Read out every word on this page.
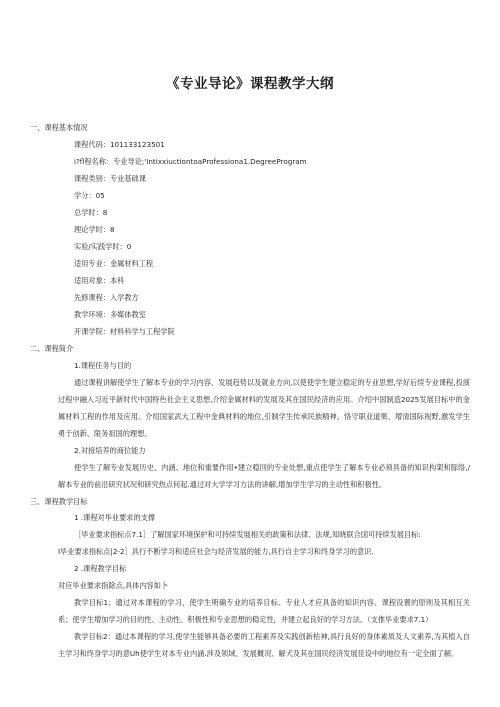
《专业导论》课程教学大纲

一、课程基本情况

课程代码：101133123501

i?fl程名称：专业导论;'IntixxiuctiontoaProfessiona1.DegreeProgram

课程类别：专业基础课

学分：05

总学时：8

理论学时：8

实验/实践学时：0

适用专业：金属材料工程

适用对象：本科

先修课程：入学教方

教学环境：多媒体教室

开课学院：材料科学与工程学院

二、课程简介

1.课程任务与目的

通过课程讲解使学生了解本专业的学习内容、发展趋势以及就业方向,以使使学生建立稳定的专业思想,学好后续专业课程,投演过程中融入习近平新时代中国特色社会主义思想,介绍金属材料的发展及其在国民经济的应用。介绍中国制造2025发展目标中的金属材料工程的作用及应用。介绍国家武大工程中金典材料的地位,引制学生传承民族精神、恪守职业道果、增清国际视野,激发学生勇于创新、限务祖国的理想。

2.对接培养的商位能力

使学生了解专业发展历史、内涵、地位和重要作用•建立稳回的专业处想,重点使学生了解本专业必须具备的知识构架和豚络,/解本专业的前沿研究状况和研究热点何起.通过对大学学习方法的讲解,增加学生学习的主动性和积极性。

三、课程教学目标

1 .课程对毕业要求的支撑

［毕业要求指标点7.1］了解国家环境保护和可持续发展相关的政策和法律、法规,知晓联合国可持续发展目标:

I毕业要求指标点|2-2］具行不断学习和适应社会与经济发展的能力,具行自主学习和终身学习的意识.

2 .课程教学目标

对应毕业要求指除点,具体内容如卜

教学目标1；通过对本课程的学习，使学生明确专业的培养目标、专业人才应具备的知识内容、课程设置的原则及其相互关系；使学生增加学习的目的性、主动性、积极性和专业思想的稳定性，并建立起良好的学习方法。（支推毕业要求7.1）

教学目标2：通过本课程的学习,使学生能够具备必要的工程素养及实践创新枯神,具行良好的身体素质及人文素养,为其植入自主学习和终身学习的意Uh使学生对本专业内涵.涉及领域、发展概况、解犬及其在国民经济发展佳设中的地位有一定全面了解。
